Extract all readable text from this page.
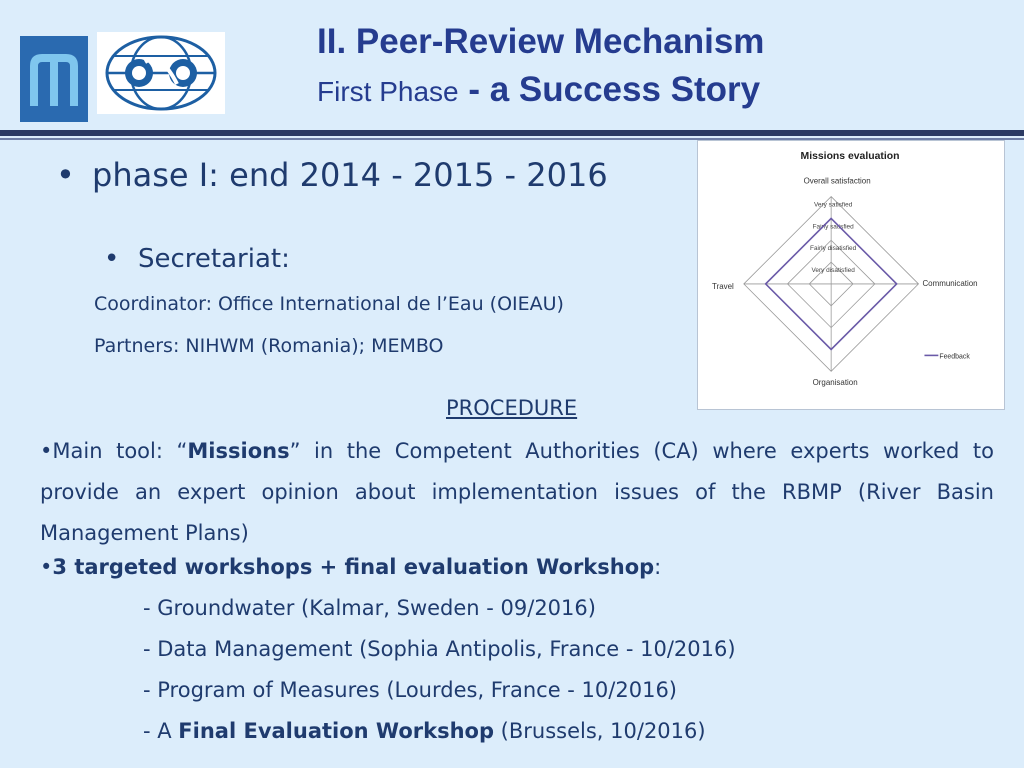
II. Peer-Review Mechanism
First Phase - a Success Story
• phase I: end 2014 - 2015 - 2016
• Secretariat:
Coordinator: Office International de l’Eau (OIEAU)
Partners: NIHWM (Romania); MEMBO
Missions evaluation
Overall satisfaction
Communication
Organisation
Travel
Very disatisfied
Fairly disatisfied
Fairly satisfied
Very satisfied
Feedback
PROCEDURE
•Main tool: “Missions” in the Competent Authorities (CA) where experts worked to provide an expert opinion about implementation issues of the RBMP (River Basin Management Plans)
•3 targeted workshops + final evaluation Workshop:
- Groundwater (Kalmar, Sweden - 09/2016)
- Data Management (Sophia Antipolis, France - 10/2016)
- Program of Measures (Lourdes, France - 10/2016)
- A Final Evaluation Workshop (Brussels, 10/2016)
